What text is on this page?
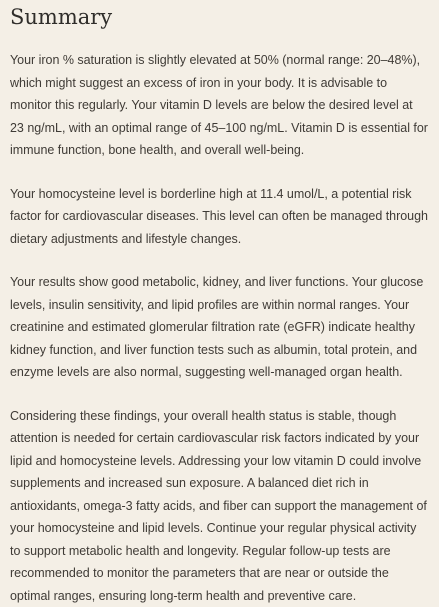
Summary

Your iron % saturation is slightly elevated at 50% (normal range: 20–48%), which might suggest an excess of iron in your body. It is advisable to monitor this regularly. Your vitamin D levels are below the desired level at 23 ng/mL, with an optimal range of 45–100 ng/mL. Vitamin D is essential for immune function, bone health, and overall well-being.

Your homocysteine level is borderline high at 11.4 umol/L, a potential risk factor for cardiovascular diseases. This level can often be managed through dietary adjustments and lifestyle changes.

Your results show good metabolic, kidney, and liver functions. Your glucose levels, insulin sensitivity, and lipid profiles are within normal ranges. Your creatinine and estimated glomerular filtration rate (eGFR) indicate healthy kidney function, and liver function tests such as albumin, total protein, and enzyme levels are also normal, suggesting well-managed organ health.

Considering these findings, your overall health status is stable, though attention is needed for certain cardiovascular risk factors indicated by your lipid and homocysteine levels. Addressing your low vitamin D could involve supplements and increased sun exposure. A balanced diet rich in antioxidants, omega-3 fatty acids, and fiber can support the management of your homocysteine and lipid levels. Continue your regular physical activity to support metabolic health and longevity. Regular follow-up tests are recommended to monitor the parameters that are near or outside the optimal ranges, ensuring long-term health and preventive care.
